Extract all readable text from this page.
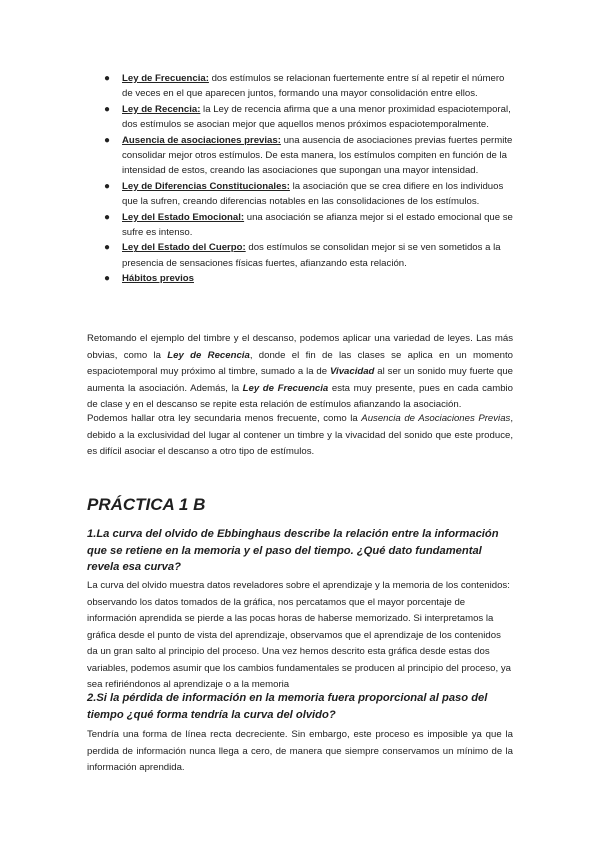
● Ley de Frecuencia: dos estímulos se relacionan fuertemente entre sí al repetir el número de veces en el que aparecen juntos, formando una mayor consolidación entre ellos.
● Ley de Recencia: la Ley de recencia afirma que a una menor proximidad espaciotemporal, dos estímulos se asocian mejor que aquellos menos próximos espaciotemporalmente.
● Ausencia de asociaciones previas: una ausencia de asociaciones previas fuertes permite consolidar mejor otros estímulos. De esta manera, los estímulos compiten en función de la intensidad de estos, creando las asociaciones que supongan una mayor intensidad.
● Ley de Diferencias Constitucionales: la asociación que se crea difiere en los individuos que la sufren, creando diferencias notables en las consolidaciones de los estímulos.
● Ley del Estado Emocional: una asociación se afianza mejor si el estado emocional que se sufre es intenso.
● Ley del Estado del Cuerpo: dos estímulos se consolidan mejor si se ven sometidos a la presencia de sensaciones físicas fuertes, afianzando esta relación.
● Hábitos previos

Retomando el ejemplo del timbre y el descanso, podemos aplicar una variedad de leyes. Las más obvias, como la Ley de Recencia, donde el fin de las clases se aplica en un momento espaciotemporal muy próximo al timbre, sumado a la de Vivacidad al ser un sonido muy fuerte que aumenta la asociación. Además, la Ley de Frecuencia esta muy presente, pues en cada cambio de clase y en el descanso se repite esta relación de estímulos afianzando la asociación.

Podemos hallar otra ley secundaria menos frecuente, como la Ausencia de Asociaciones Previas, debido a la exclusividad del lugar al contener un timbre y la vivacidad del sonido que este produce, es difícil asociar el descanso a otro tipo de estímulos.

PRÁCTICA 1 B
1.La curva del olvido de Ebbinghaus describe la relación entre la información que se retiene en la memoria y el paso del tiempo. ¿Qué dato fundamental revela esa curva?

La curva del olvido muestra datos reveladores sobre el aprendizaje y la memoria de los contenidos: observando los datos tomados de la gráfica, nos percatamos que el mayor porcentaje de información aprendida se pierde a las pocas horas de haberse memorizado. Si interpretamos la gráfica desde el punto de vista del aprendizaje, observamos que el aprendizaje de los contenidos da un gran salto al principio del proceso. Una vez hemos descrito esta gráfica desde estas dos variables, podemos asumir que los cambios fundamentales se producen al principio del proceso, ya sea refiriéndonos al aprendizaje o a la memoria

2.Si la pérdida de información en la memoria fuera proporcional al paso del tiempo ¿qué forma tendría la curva del olvido?

Tendría una forma de línea recta decreciente. Sin embargo, este proceso es imposible ya que la perdida de información nunca llega a cero, de manera que siempre conservamos un mínimo de la información aprendida.
